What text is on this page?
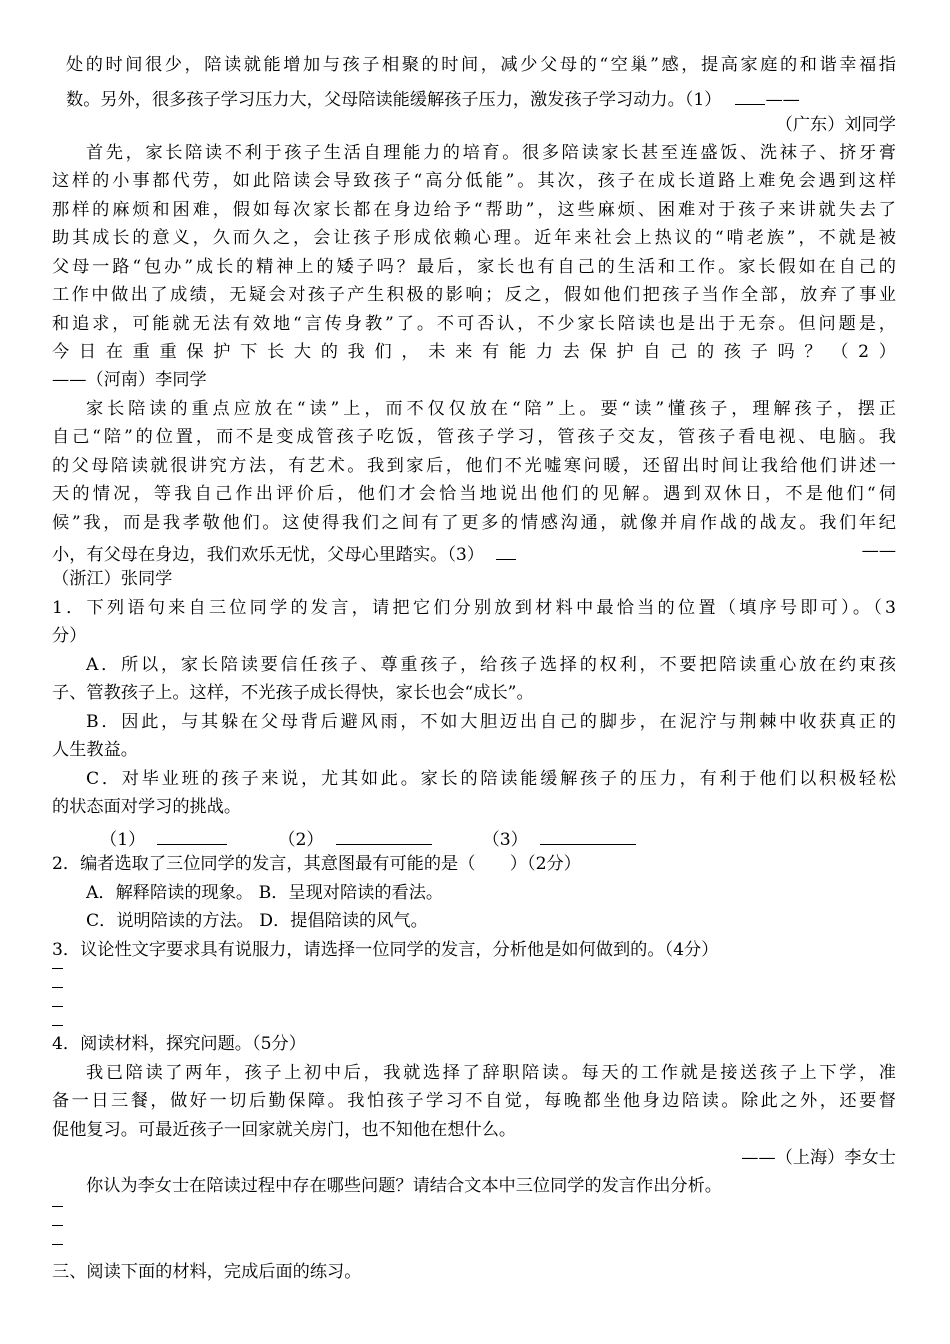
处的时间很少，陪读就能增加与孩子相聚的时间，减少父母的“空巢”感，提高家庭的和谐幸福指
数。另外，很多孩子学习压力大，父母陪读能缓解孩子压力，激发孩子学习动力。（1）	——
（广东）刘同学
首先，家长陪读不利于孩子生活自理能力的培育。很多陪读家长甚至连盛饭、洗袜子、挤牙膏
这样的小事都代劳，如此陪读会导致孩子“高分低能”。其次，孩子在成长道路上难免会遇到这样
那样的麻烦和困难，假如每次家长都在身边给予“帮助”，这些麻烦、困难对于孩子来讲就失去了
助其成长的意义，久而久之，会让孩子形成依赖心理。近年来社会上热议的“啃老族”，不就是被
父母一路“包办”成长的精神上的矮子吗？最后，家长也有自己的生活和工作。家长假如在自己的
工作中做出了成绩，无疑会对孩子产生积极的影响；反之，假如他们把孩子当作全部，放弃了事业
和追求，可能就无法有效地“言传身教”了。不可否认，不少家长陪读也是出于无奈。但问题是，
今日在重重保护下长大的我们，未来有能力去保护自己的孩子吗？（2）
——（河南）李同学
家长陪读的重点应放在“读”上，而不仅仅放在“陪”上。要“读”懂孩子，理解孩子，摆正
自己“陪”的位置，而不是变成管孩子吃饭，管孩子学习，管孩子交友，管孩子看电视、电脑。我
的父母陪读就很讲究方法，有艺术。我到家后，他们不光嘘寒问暖，还留出时间让我给他们讲述一
天的情况，等我自己作出评价后，他们才会恰当地说出他们的见解。遇到双休日，不是他们“伺
候”我，而是我孝敬他们。这使得我们之间有了更多的情感沟通，就像并肩作战的战友。我们年纪
小，有父母在身边，我们欢乐无忧，父母心里踏实。（3）	——
（浙江）张同学
1．下列语句来自三位同学的发言，请把它们分别放到材料中最恰当的位置（填序号即可）。（3
分）
A．所以，家长陪读要信任孩子、尊重孩子，给孩子选择的权利，不要把陪读重心放在约束孩
子、管教孩子上。这样，不光孩子成长得快，家长也会“成长”。
B．因此，与其躲在父母背后避风雨，不如大胆迈出自己的脚步，在泥泞与荆棘中收获真正的
人生教益。
C．对毕业班的孩子来说，尤其如此。家长的陪读能缓解孩子的压力，有利于他们以积极轻松
的状态面对学习的挑战。
（1）	（2）	（3）
2．编者选取了三位同学的发言，其意图最有可能的是（　　）（2分）
A．解释陪读的现象。 B．呈现对陪读的看法。
C．说明陪读的方法。 D．提倡陪读的风气。
3．议论性文字要求具有说服力，请选择一位同学的发言，分析他是如何做到的。（4分）
4．阅读材料，探究问题。（5分）
我已陪读了两年，孩子上初中后，我就选择了辞职陪读。每天的工作就是接送孩子上下学，准
备一日三餐，做好一切后勤保障。我怕孩子学习不自觉，每晚都坐他身边陪读。除此之外，还要督
促他复习。可最近孩子一回家就关房门，也不知他在想什么。
——（上海）李女士
你认为李女士在陪读过程中存在哪些问题？请结合文本中三位同学的发言作出分析。
三、阅读下面的材料，完成后面的练习。
